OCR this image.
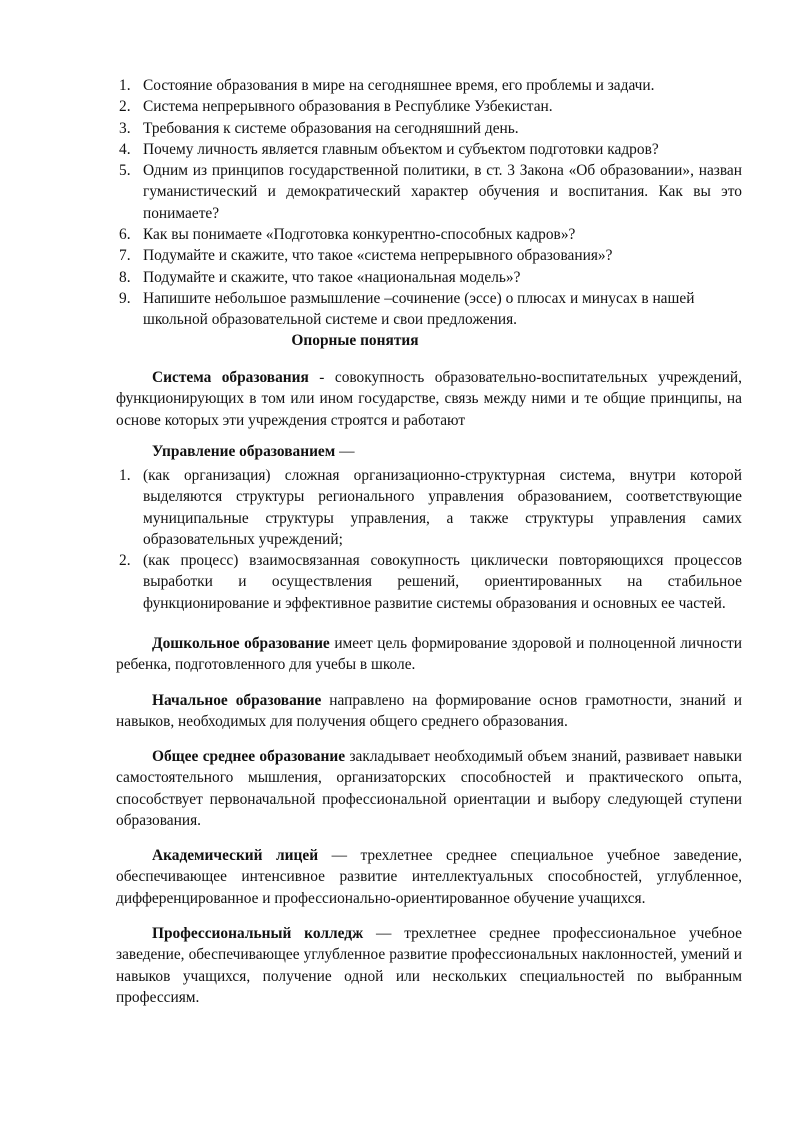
1. Состояние образования в мире на сегодняшнее время, его проблемы и задачи.
2. Система непрерывного образования в Республике Узбекистан.
3. Требования к системе образования на сегодняшний день.
4. Почему личность является главным объектом и субъектом подготовки кадров?
5. Одним из принципов государственной политики, в ст. 3 Закона «Об образовании», назван гуманистический и демократический характер обучения и воспитания. Как вы это понимаете?
6. Как вы понимаете «Подготовка конкурентно-способных кадров»?
7. Подумайте и скажите, что такое «система непрерывного образования»?
8. Подумайте и скажите, что такое «национальная модель»?
9. Напишите небольшое размышление –сочинение (эссе) о плюсах и минусах в нашей школьной образовательной системе и свои предложения.
Опорные понятия

Система образования - совокупность образовательно-воспитательных учреждений, функционирующих в том или ином государстве, связь между ними и те общие принципы, на основе которых эти учреждения строятся и работают

Управление образованием —

1. (как организация) сложная организационно-структурная система, внутри которой выделяются структуры регионального управления образованием, соответствующие муниципальные структуры управления, а также структуры управления самих образовательных учреждений;
2. (как процесс) взаимосвязанная совокупность циклически повторяющихся процессов выработки и осуществления решений, ориентированных на стабильное функционирование и эффективное развитие системы образования и основных ее частей.

Дошкольное образование имеет цель формирование здоровой и полноценной личности ребенка, подготовленного для учебы в школе.

Начальное образование направлено на формирование основ грамотности, знаний и навыков, необходимых для получения общего среднего образования.

Общее среднее образование закладывает необходимый объем знаний, развивает навыки самостоятельного мышления, организаторских способностей и практического опыта, способствует первоначальной профессиональной ориентации и выбору следующей ступени образования.

Академический лицей — трехлетнее среднее специальное учебное заведение, обеспечивающее интенсивное развитие интеллектуальных способностей, углубленное, дифференцированное и профессионально-ориентированное обучение учащихся.

Профессиональный колледж — трехлетнее среднее профессиональное учебное заведение, обеспечивающее углубленное развитие профессиональных наклонностей, умений и навыков учащихся, получение одной или нескольких специальностей по выбранным профессиям.
